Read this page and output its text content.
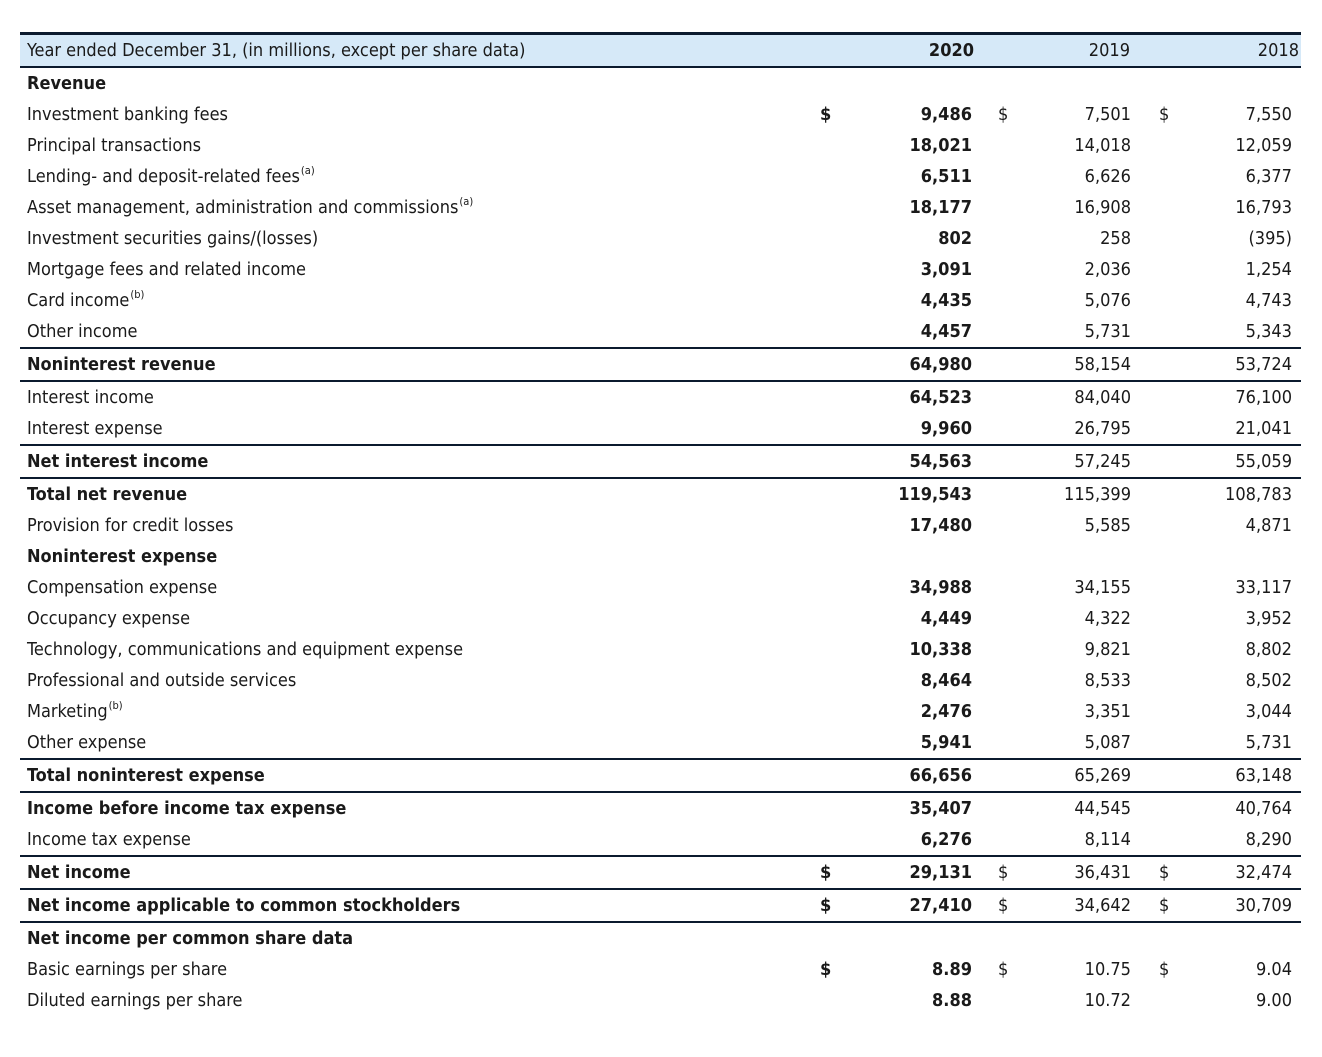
Year ended December 31, (in millions, except per share data)		2020		2019		2018
Revenue						
Investment banking fees	$	9,486	$	7,501	$	7,550
Principal transactions		18,021		14,018		12,059
Lending- and deposit-related fees$^{(a)}$		6,511		6,626		6,377
Asset management, administration and commissions$^{(a)}$		18,177		16,908		16,793
Investment securities gains/(losses)		802		258		(395)
Mortgage fees and related income		3,091		2,036		1,254
Card income$^{(b)}$		4,435		5,076		4,743
Other income		4,457		5,731		5,343
Noninterest revenue		64,980		58,154		53,724
Interest income		64,523		84,040		76,100
Interest expense		9,960		26,795		21,041
Net interest income		54,563		57,245		55,059
Total net revenue		119,543		115,399		108,783
Provision for credit losses		17,480		5,585		4,871
Noninterest expense						
Compensation expense		34,988		34,155		33,117
Occupancy expense		4,449		4,322		3,952
Technology, communications and equipment expense		10,338		9,821		8,802
Professional and outside services		8,464		8,533		8,502
Marketing$^{(b)}$		2,476		3,351		3,044
Other expense		5,941		5,087		5,731
Total noninterest expense		66,656		65,269		63,148
Income before income tax expense		35,407		44,545		40,764
Income tax expense		6,276		8,114		8,290
Net income	$	29,131	$	36,431	$	32,474
Net income applicable to common stockholders	$	27,410	$	34,642	$	30,709
Net income per common share data						
Basic earnings per share	$	8.89	$	10.75	$	9.04
Diluted earnings per share		8.88		10.72		9.00
